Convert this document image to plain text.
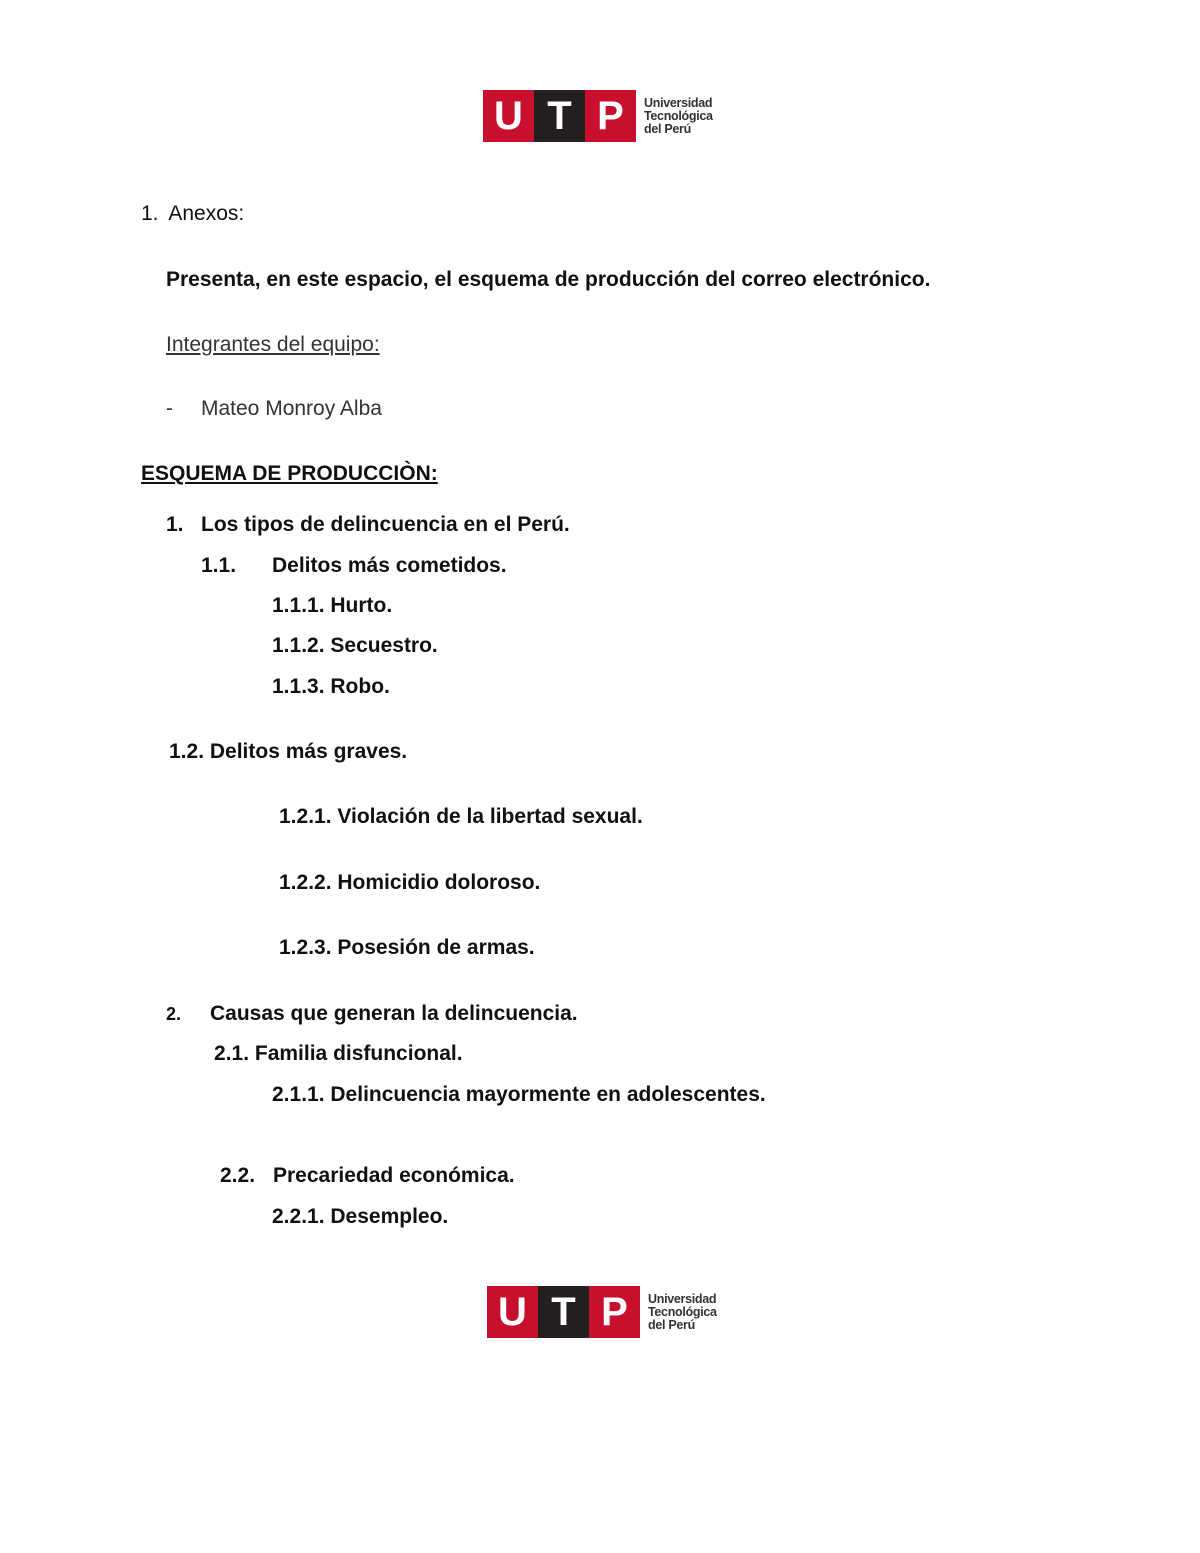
U T P	Universidad
Tecnológica
del Perú
1. Anexos:
Presenta, en este espacio, el esquema de producción del correo electrónico.
Integrantes del equipo:
- Mateo Monroy Alba
ESQUEMA DE PRODUCCIÒN:
1. Los tipos de delincuencia en el Perú.
1.1. Delitos más cometidos.
1.1.1. Hurto.
1.1.2. Secuestro.
1.1.3. Robo.
1.2. Delitos más graves.
1.2.1. Violación de la libertad sexual.
1.2.2. Homicidio doloroso.
1.2.3. Posesión de armas.
2. Causas que generan la delincuencia.
2.1. Familia disfuncional.
2.1.1. Delincuencia mayormente en adolescentes.
2.2. Precariedad económica.
2.2.1. Desempleo.
U T P	Universidad
Tecnológica
del Perú
